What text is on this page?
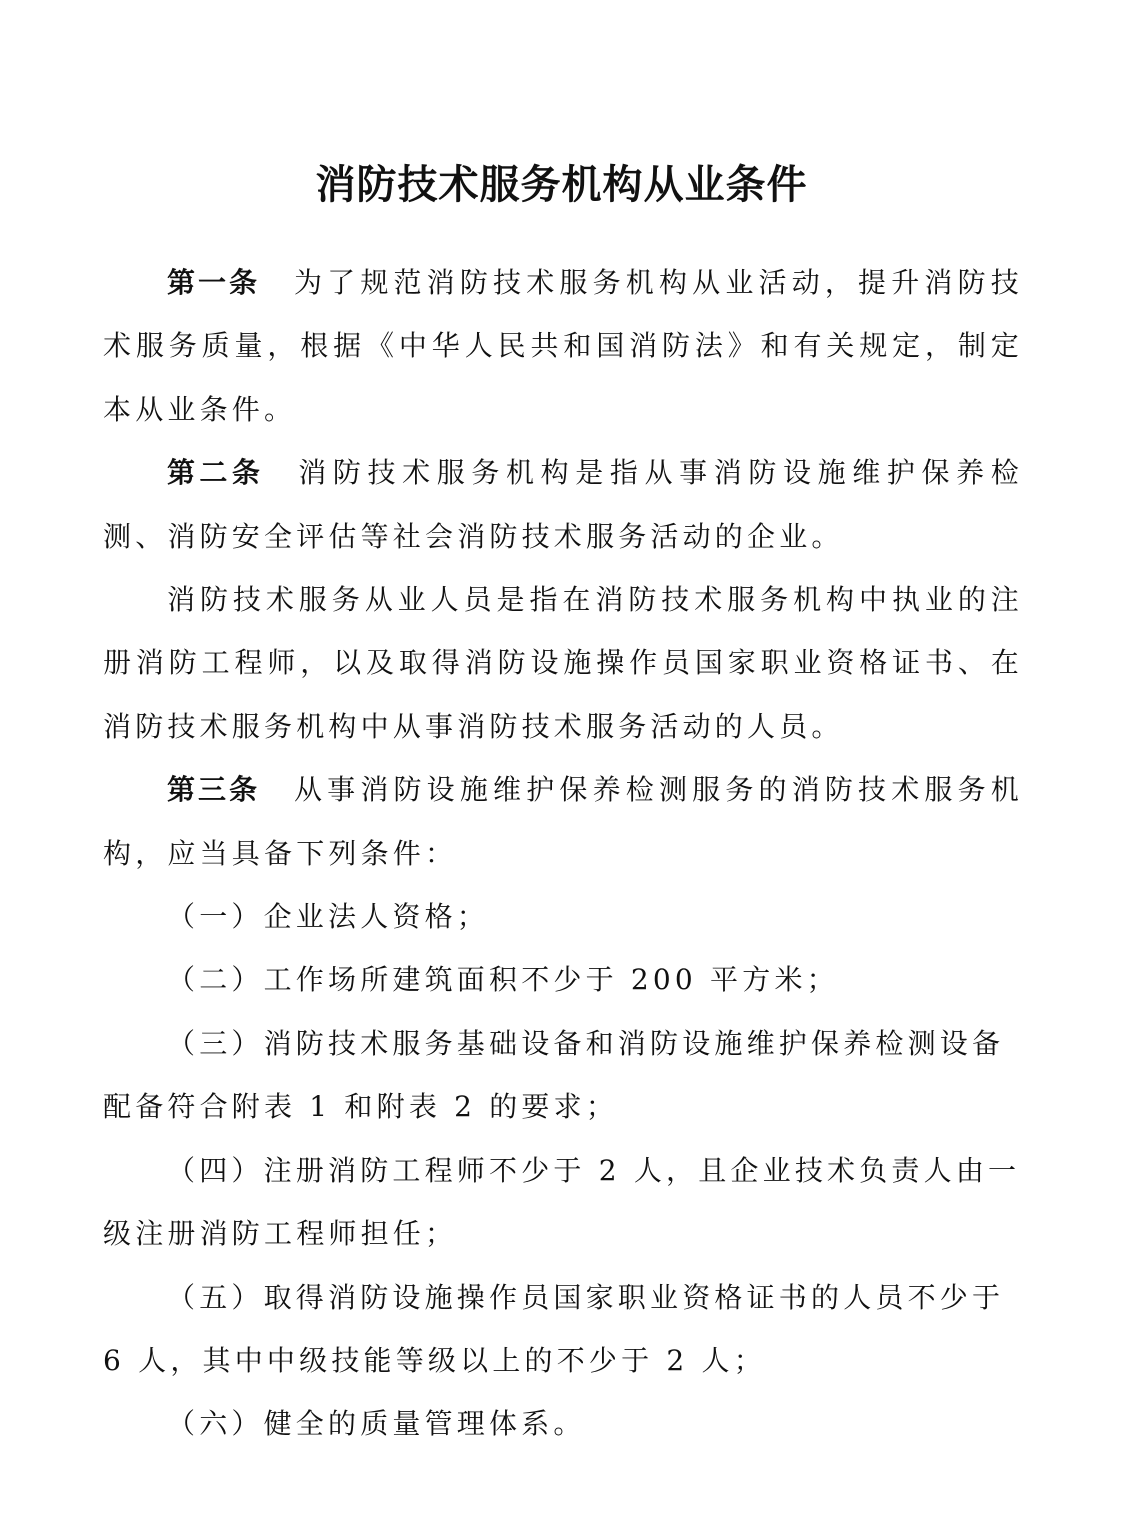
消防技术服务机构从业条件

第一条 为了规范消防技术服务机构从业活动，提升消防技术服务质量，根据《中华人民共和国消防法》和有关规定，制定本从业条件。

第二条 消防技术服务机构是指从事消防设施维护保养检测、消防安全评估等社会消防技术服务活动的企业。

消防技术服务从业人员是指在消防技术服务机构中执业的注册消防工程师，以及取得消防设施操作员国家职业资格证书、在消防技术服务机构中从事消防技术服务活动的人员。

第三条 从事消防设施维护保养检测服务的消防技术服务机构，应当具备下列条件：

（一）企业法人资格；

（二）工作场所建筑面积不少于 200 平方米；

（三）消防技术服务基础设备和消防设施维护保养检测设备配备符合附表 1 和附表 2 的要求；

（四）注册消防工程师不少于 2 人，且企业技术负责人由一级注册消防工程师担任；

（五）取得消防设施操作员国家职业资格证书的人员不少于 6 人，其中中级技能等级以上的不少于 2 人；

（六）健全的质量管理体系。
